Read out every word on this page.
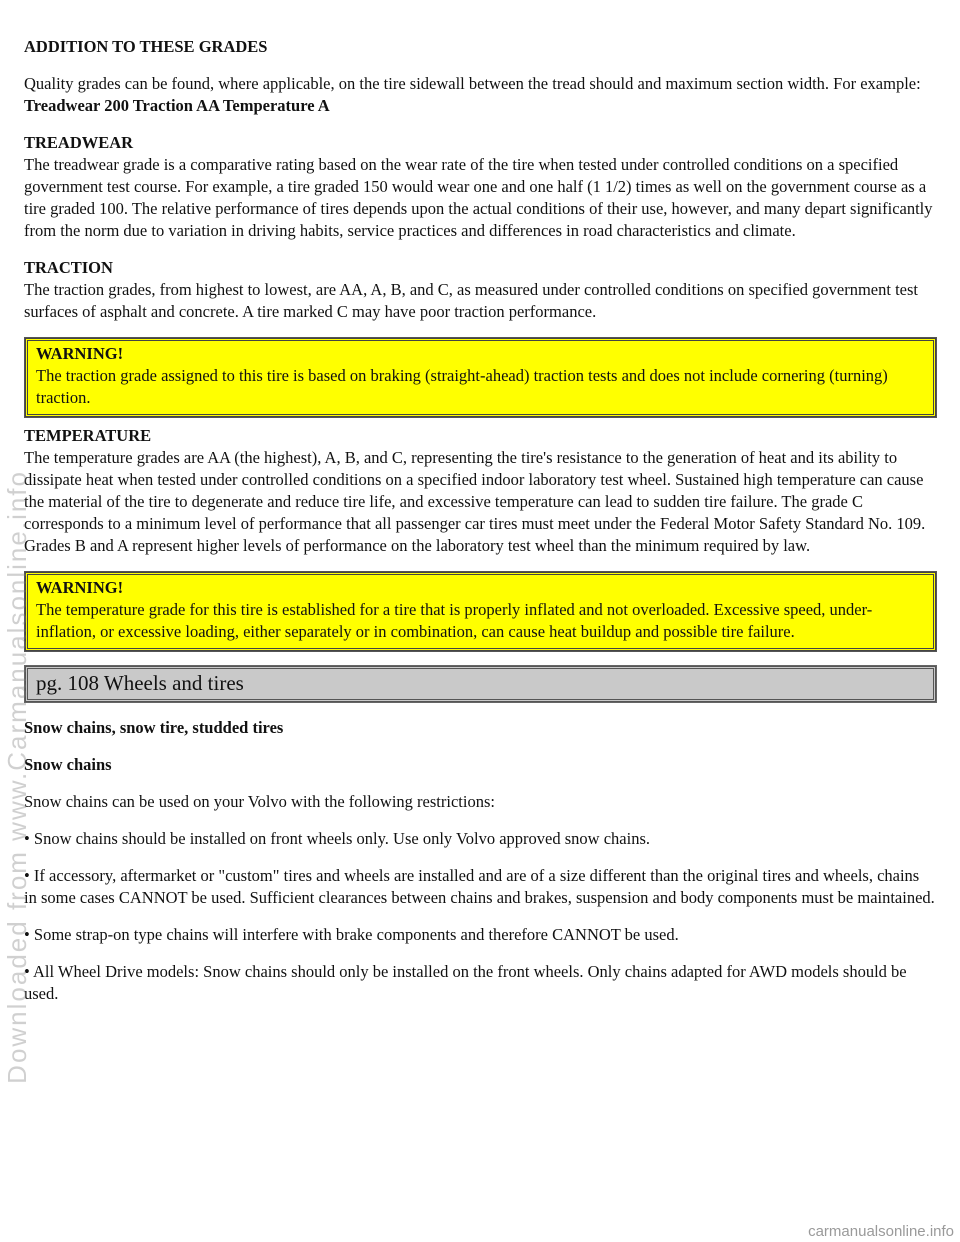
ADDITION TO THESE GRADES

Quality grades can be found, where applicable, on the tire sidewall between the tread should and maximum section width. For example:

Treadwear 200 Traction AA Temperature A

TREADWEAR

The treadwear grade is a comparative rating based on the wear rate of the tire when tested under controlled conditions on a specified government test course. For example, a tire graded 150 would wear one and one half (1 1/2) times as well on the government course as a tire graded 100. The relative performance of tires depends upon the actual conditions of their use, however, and many depart significantly from the norm due to variation in driving habits, service practices and differences in road characteristics and climate.

TRACTION

The traction grades, from highest to lowest, are AA, A, B, and C, as measured under controlled conditions on specified government test surfaces of asphalt and concrete. A tire marked C may have poor traction performance.

WARNING!

The traction grade assigned to this tire is based on braking (straight-ahead) traction tests and does not include cornering (turning) traction.

TEMPERATURE

The temperature grades are AA (the highest), A, B, and C, representing the tire's resistance to the generation of heat and its ability to dissipate heat when tested under controlled conditions on a specified indoor laboratory test wheel. Sustained high temperature can cause the material of the tire to degenerate and reduce tire life, and excessive temperature can lead to sudden tire failure. The grade C corresponds to a minimum level of performance that all passenger car tires must meet under the Federal Motor Safety Standard No. 109. Grades B and A represent higher levels of performance on the laboratory test wheel than the minimum required by law.

WARNING!

The temperature grade for this tire is established for a tire that is properly inflated and not overloaded. Excessive speed, under-inflation, or excessive loading, either separately or in combination, can cause heat buildup and possible tire failure.

pg. 108 Wheels and tires

Snow chains, snow tire, studded tires

Snow chains

Snow chains can be used on your Volvo with the following restrictions:

• Snow chains should be installed on front wheels only. Use only Volvo approved snow chains.

• If accessory, aftermarket or "custom" tires and wheels are installed and are of a size different than the original tires and wheels, chains in some cases CANNOT be used. Sufficient clearances between chains and brakes, suspension and body components must be maintained.

• Some strap-on type chains will interfere with brake components and therefore CANNOT be used.

• All Wheel Drive models: Snow chains should only be installed on the front wheels. Only chains adapted for AWD models should be used.

Downloaded from www.Carmanualsonline.info
carmanualsonline.info
